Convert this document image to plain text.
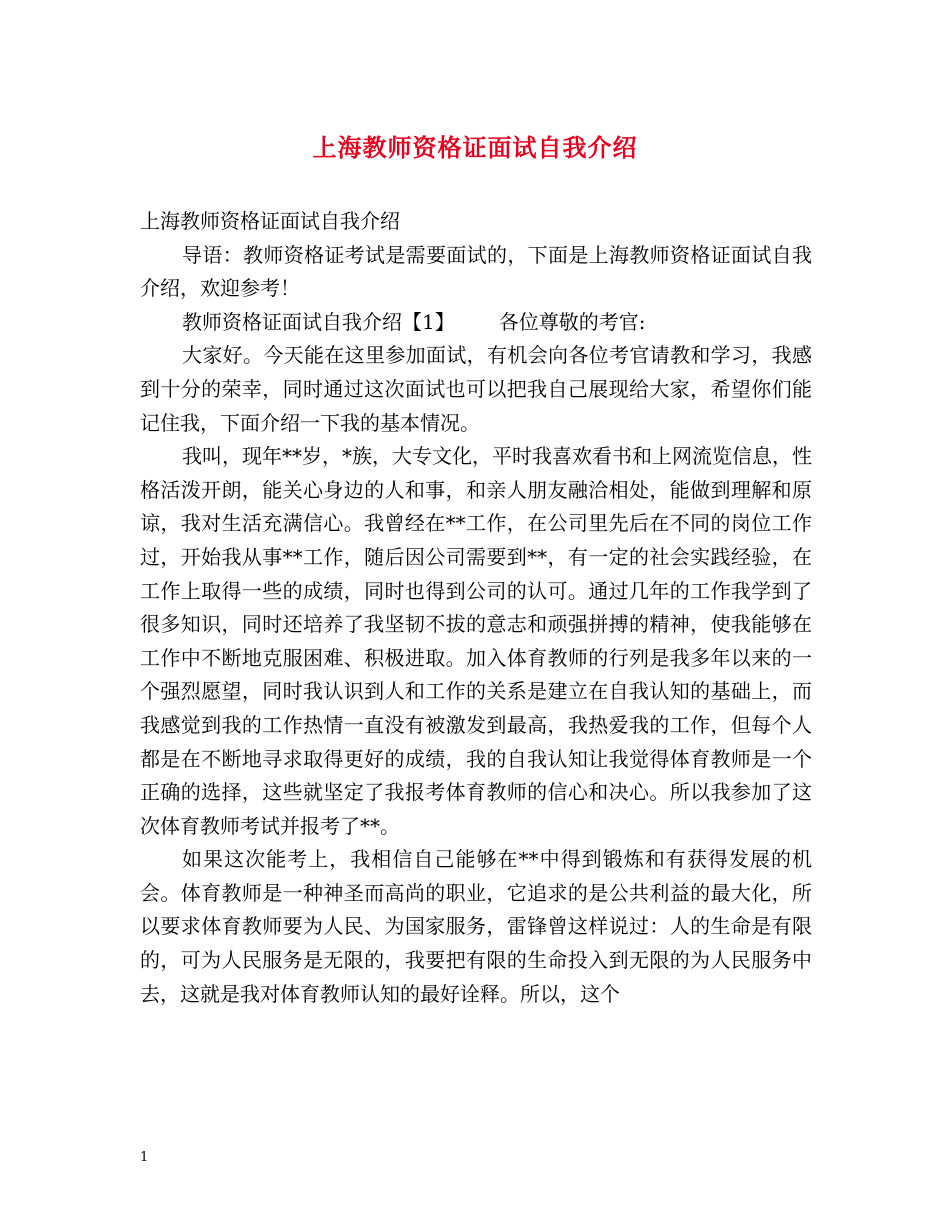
上海教师资格证面试自我介绍

上海教师资格证面试自我介绍

导语：教师资格证考试是需要面试的，下面是上海教师资格证面试自我介绍，欢迎参考！

教师资格证面试自我介绍【1】 各位尊敬的考官:

大家好。今天能在这里参加面试，有机会向各位考官请教和学习，我感到十分的荣幸，同时通过这次面试也可以把我自己展现给大家，希望你们能记住我，下面介绍一下我的基本情况。

我叫，现年**岁，*族，大专文化，平时我喜欢看书和上网流览信息，性格活泼开朗，能关心身边的人和事，和亲人朋友融洽相处，能做到理解和原谅，我对生活充满信心。我曾经在**工作，在公司里先后在不同的岗位工作过，开始我从事**工作，随后因公司需要到**，有一定的社会实践经验，在工作上取得一些的成绩，同时也得到公司的认可。通过几年的工作我学到了很多知识，同时还培养了我坚韧不拔的意志和顽强拼搏的精神，使我能够在工作中不断地克服困难、积极进取。加入体育教师的行列是我多年以来的一个强烈愿望，同时我认识到人和工作的关系是建立在自我认知的基础上，而我感觉到我的工作热情一直没有被激发到最高，我热爱我的工作，但每个人都是在不断地寻求取得更好的成绩，我的自我认知让我觉得体育教师是一个正确的选择，这些就坚定了我报考体育教师的信心和决心。所以我参加了这次体育教师考试并报考了**。

如果这次能考上，我相信自己能够在**中得到锻炼和有获得发展的机会。体育教师是一种神圣而高尚的职业，它追求的是公共利益的最大化，所以要求体育教师要为人民、为国家服务，雷锋曾这样说过：人的生命是有限的，可为人民服务是无限的，我要把有限的生命投入到无限的为人民服务中去，这就是我对体育教师认知的最好诠释。所以，这个

1
